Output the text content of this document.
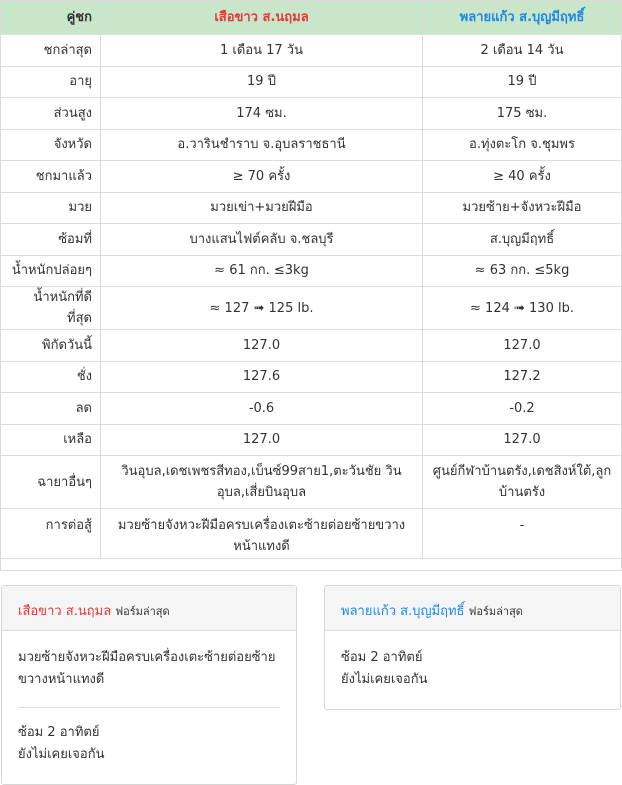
คู่ชก	เสือขาว ส.นฤมล	พลายแก้ว ส.บุญมีฤทธิ์
ชกล่าสุด	1 เดือน 17 วัน	2 เดือน 14 วัน
อายุ	19 ปี	19 ปี
ส่วนสูง	174 ซม.	175 ซม.
จังหวัด	อ.วารินชำราบ จ.อุบลราชธานี	อ.ทุ่งตะโก จ.ชุมพร
ชกมาแล้ว	≥ 70 ครั้ง	≥ 40 ครั้ง
มวย	มวยเข่า+มวยฝีมือ	มวยซ้าย+จังหวะฝีมือ
ซ้อมที่	บางแสนไฟต์คลับ จ.ชลบุรี	ส.บุญมีฤทธิ์
น้ำหนักปล่อยๆ	≈ 61 กก. ≤3kg	≈ 63 กก. ≤5kg
น้ำหนักที่ดีที่สุด	≈ 127 ➟ 125 lb.	≈ 124 ➟ 130 lb.
พิกัดวันนี้	127.0	127.0
ชั่ง	127.6	127.2
ลด	-0.6	-0.2
เหลือ	127.0	127.0
ฉายาอื่นๆ	วินอุบล,เดชเพชรสีทอง,เบ็นซ์99สาย1,ตะวันชัย วินอุบล,เสี่ยบินอุบล	ศูนย์กีฬาบ้านตรัง,เดชสิงห์ใต้,ลูกบ้านตรัง
การต่อสู้	มวยซ้ายจังหวะฝีมือครบเครื่องเตะซ้ายต่อยซ้ายขวางหน้าแทงดี	-

เสือขาว ส.นฤมล ฟอร์มล่าสุด

มวยซ้ายจังหวะฝีมือครบเครื่องเตะซ้ายต่อยซ้ายขวางหน้าแทงดี

ซ้อม 2 อาทิตย์

ยังไม่เคยเจอกัน

พลายแก้ว ส.บุญมีฤทธิ์ ฟอร์มล่าสุด

ซ้อม 2 อาทิตย์

ยังไม่เคยเจอกัน
